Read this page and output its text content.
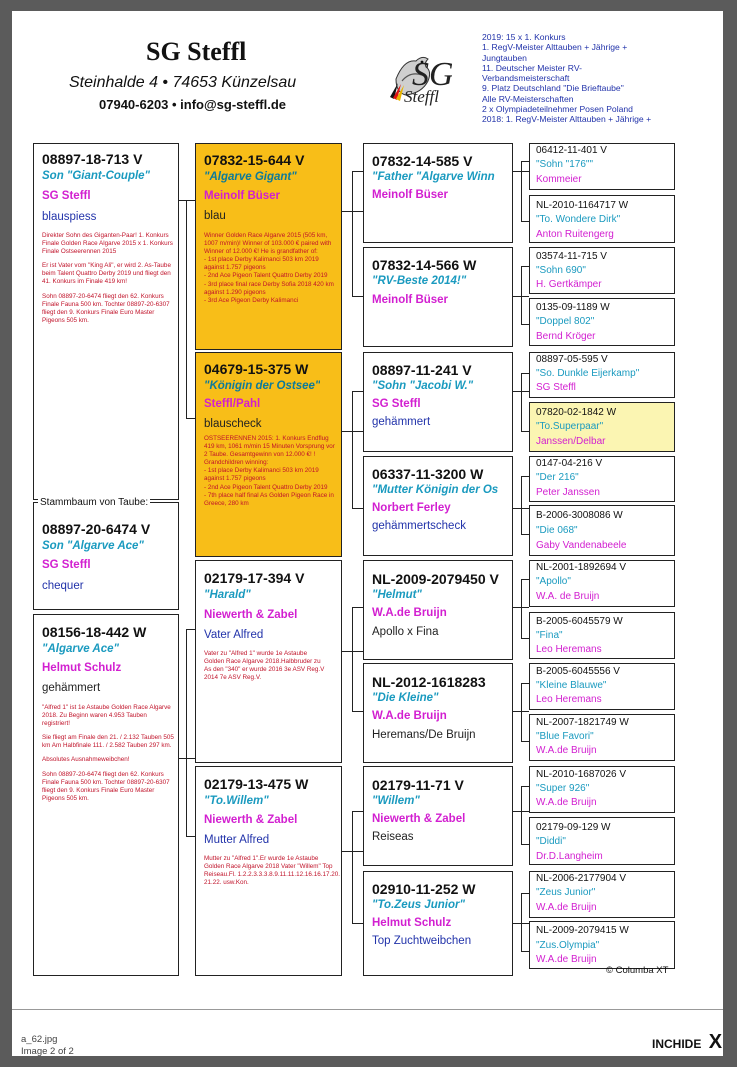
SG Steffl
Steinhalde 4 • 74653 Künzelsau
07940-6203 • info@sg-steffl.de
SG
Steffl
2019: 15 x 1. Konkurs
1. RegV-Meister Alttauben + Jährige +
Jungtauben
11. Deutscher Meister RV-
Verbandsmeisterschaft
9. Platz Deutschland "Die Brieftaube"
Alle RV-Meisterschaften
2 x Olympiadeteilnehmer Posen Poland
2018: 1. RegV-Meister Alttauben + Jährige +
08897-18-713 V
Son "Giant-Couple"
SG Steffl
blauspiess

Direkter Sohn des Giganten-Paar! 1. Konkurs Finale Golden Race Algarve 2015 x 1. Konkurs Finale Ostseerennen 2015

Er ist Vater vom "King Ali", er wird 2. As-Taube beim Talent Quattro Derby 2019 und fliegt den 41. Konkurs im Finale 419 km!

Sohn 08897-20-6474 fliegt den 62. Konkurs Finale Fauna 500 km. Tochter 08897-20-6307 fliegt den 9. Konkurs Finale Euro Master Pigeons 505 km.

08897-20-6474 V
Son "Algarve Ace"
SG Steffl
chequer
Stammbaum von Taube:
08156-18-442 W
"Algarve Ace"
Helmut Schulz
gehämmert

"Alfred 1" ist 1e Astaube Golden Race Algarve 2018. Zu Beginn waren 4.953 Tauben registriert!

Sie fliegt am Finale den 21. / 2.132 Tauben 505 km Am Halbfinale 111. / 2.582 Tauben 297 km.

Absolutes Ausnahmeweibchen!

Sohn 08897-20-6474 fliegt den 62. Konkurs Finale Fauna 500 km. Tochter 08897-20-6307 fliegt den 9. Konkurs Finale Euro Master Pigeons 505 km.

07832-15-644 V
"Algarve Gigant"
Meinolf Büser
blau
Winner Golden Race Algarve 2015 (505 km, 1007 m/min)! Winner of 103.000 € paired with Winner of 12.000 €! He is grandfather of:
- 1st place Derby Kalimanci 503 km 2019 against 1.757 pigeons
- 2nd Ace Pigeon Talent Quattro Derby 2019
- 3rd place final race Derby Sofia 2018 420 km against 1.290 pigeons
- 3rd Ace Pigeon Derby Kalimanci
04679-15-375 W
"Königin der Ostsee"
Steffl/Pahl
blauscheck
OSTSEERENNEN 2015: 1. Konkurs Endflug 419 km, 1061 m/min 15 Minuten Vorsprung vor 2 Taube. Gesamtgewinn von 12.000 €! !
Grandchildren winning:
- 1st place Derby Kalimanci 503 km 2019 against 1.757 pigeons
- 2nd Ace Pigeon Talent Quattro Derby 2019
- 7th place half final As Golden Pigeon Race in Greece, 280 km
02179-17-394 V
"Harald"
Niewerth & Zabel
Vater Alfred
Vater zu "Alfred 1" wurde 1e Astaube Golden Race Algarve 2018.Halbbruder zu As den "340" er wurde 2016 3e ASV Reg.V 2014 7e ASV Reg.V.
02179-13-475 W
"To.Willem"
Niewerth & Zabel
Mutter Alfred
Mutter zu "Alfred 1".Er wurde 1e Astaube Golden Race Algarve 2018 Vater "Willem" Top Reiseau.Fl. 1.2.2.3.3.3.8.9.11.11.12.16.16.17.20. 21.22. usw.Kon.
07832-14-585 V
"Father "Algarve Winn
Meinolf Büser
07832-14-566 W
"RV-Beste 2014!"
Meinolf Büser
08897-11-241 V
"Sohn "Jacobi W."
SG Steffl
gehämmert
06337-11-3200 W
"Mutter Königin der Os
Norbert Ferley
gehämmertscheck
NL-2009-2079450 V
"Helmut"
W.A.de Bruijn
Apollo x Fina
NL-2012-1618283
"Die Kleine"
W.A.de Bruijn
Heremans/De Bruijn
02179-11-71 V
"Willem"
Niewerth & Zabel
Reiseas
02910-11-252 W
"To.Zeus Junior"
Helmut Schulz
Top Zuchtweibchen
06412-11-401 V
"Sohn "176""
Kommeier
NL-2010-1164717 W
"To. Wondere Dirk"
Anton Ruitengerg
03574-11-715 V
"Sohn 690"
H. Gertkämper
0135-09-1189 W
"Doppel 802"
Bernd Kröger
08897-05-595 V
"So. Dunkle Eijerkamp"
SG Steffl
07820-02-1842 W
"To.Superpaar"
Janssen/Delbar
0147-04-216 V
"Der 216"
Peter Janssen
B-2006-3008086 W
"Die 068"
Gaby Vandenabeele
NL-2001-1892694 V
"Apollo"
W.A. de Bruijn
B-2005-6045579 W
"Fina"
Leo Heremans
B-2005-6045556 V
"Kleine Blauwe"
Leo Heremans
NL-2007-1821749 W
"Blue Favori"
W.A.de Bruijn
NL-2010-1687026 V
"Super 926"
W.A.de Bruijn
02179-09-129 W
"Diddi"
Dr.D.Langheim
NL-2006-2177904 V
"Zeus Junior"
W.A.de Bruijn
NL-2009-2079415 W
"Zus.Olympia"
W.A.de Bruijn
© Columba XT
a_62.jpg
Image 2 of 2
INCHIDE X
